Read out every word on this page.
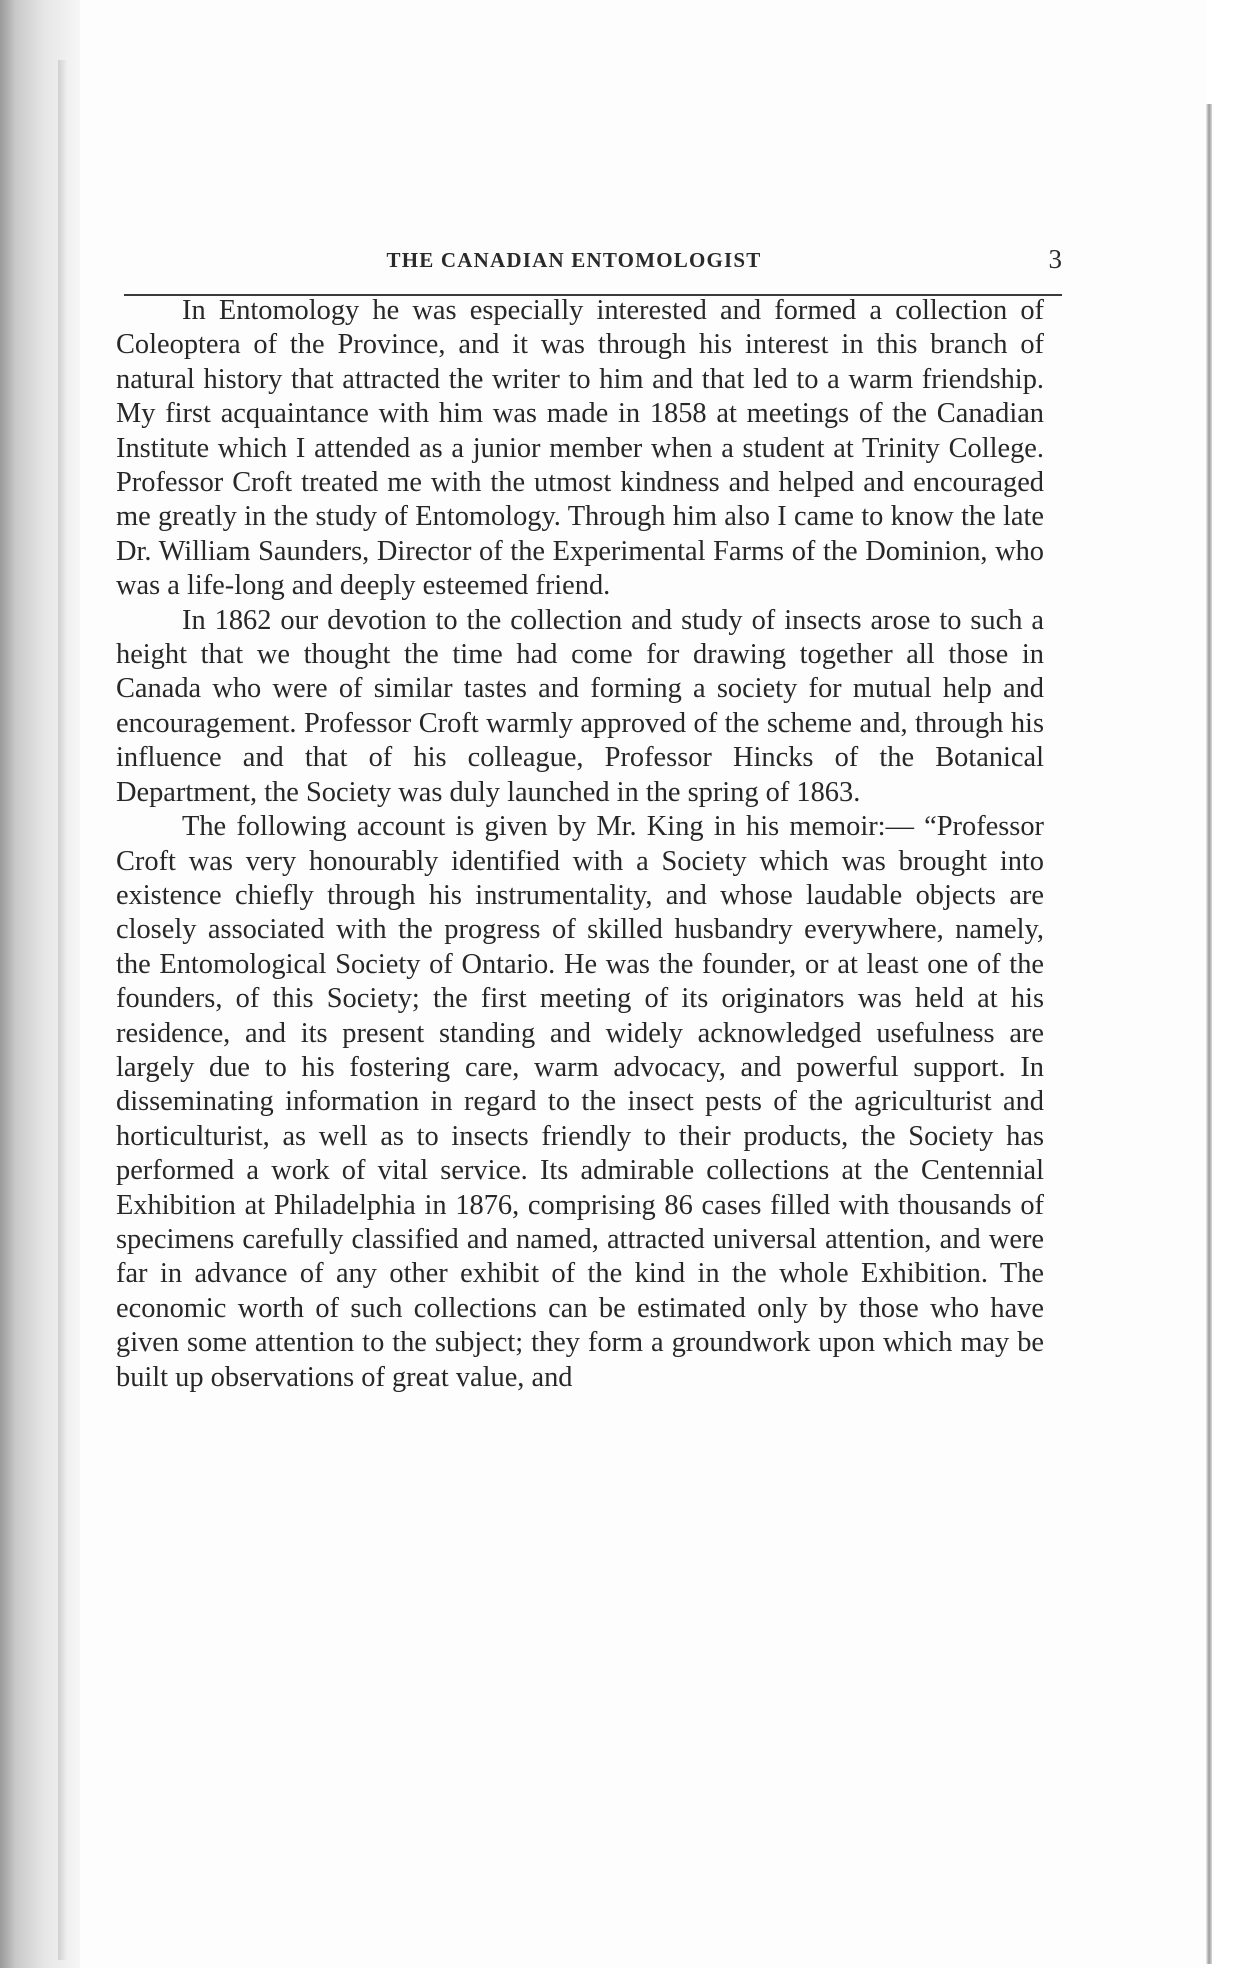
THE CANADIAN ENTOMOLOGIST	3

In Entomology he was especially interested and formed a collection of Coleoptera of the Province, and it was through his interest in this branch of natural history that attracted the writer to him and that led to a warm friendship. My first acquaintance with him was made in 1858 at meetings of the Canadian Institute which I attended as a junior member when a student at Trinity College. Professor Croft treated me with the utmost kindness and helped and encouraged me greatly in the study of Entomology. Through him also I came to know the late Dr. William Saunders, Director of the Experimental Farms of the Dominion, who was a life-long and deeply esteemed friend.

In 1862 our devotion to the collection and study of insects arose to such a height that we thought the time had come for drawing together all those in Canada who were of similar tastes and forming a society for mutual help and encouragement. Professor Croft warmly approved of the scheme and, through his influence and that of his colleague, Professor Hincks of the Botanical Department, the Society was duly launched in the spring of 1863.

The following account is given by Mr. King in his memoir:— “Professor Croft was very honourably identified with a Society which was brought into existence chiefly through his instrumentality, and whose laudable objects are closely associated with the progress of skilled husbandry everywhere, namely, the Entomological Society of Ontario. He was the founder, or at least one of the founders, of this Society; the first meeting of its originators was held at his residence, and its present standing and widely acknowledged usefulness are largely due to his fostering care, warm advocacy, and powerful support. In disseminating information in regard to the insect pests of the agriculturist and horticulturist, as well as to insects friendly to their products, the Society has performed a work of vital service. Its admirable collections at the Centennial Exhibition at Philadelphia in 1876, comprising 86 cases filled with thousands of specimens carefully classified and named, attracted universal attention, and were far in advance of any other exhibit of the kind in the whole Exhibition. The economic worth of such collections can be estimated only by those who have given some attention to the subject; they form a groundwork upon which may be built up observations of great value, and
